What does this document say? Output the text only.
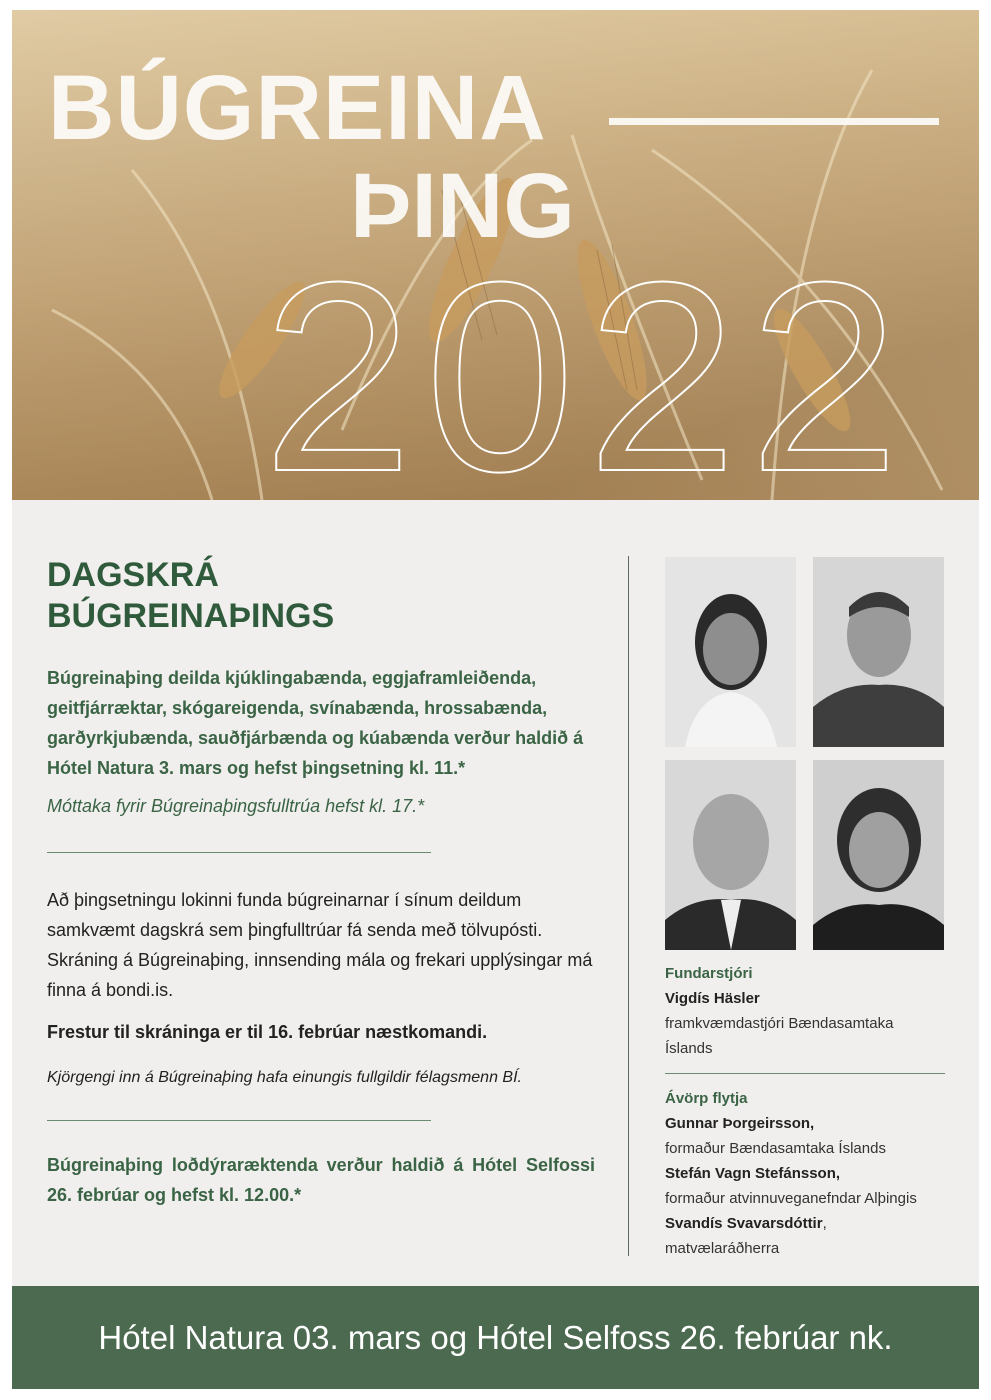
BÚGREINA
ÞING
2022
DAGSKRÁ
BÚGREINAÞINGS

Búgreinaþing deilda kjúklingabænda, eggjaframleiðenda, geitfjárræktar, skógareigenda, svínabænda, hrossabænda, garðyrkjubænda, sauðfjárbænda og kúabænda verður haldið á Hótel Natura 3. mars og hefst þingsetning kl. 11.*

Móttaka fyrir Búgreinaþingsfulltrúa hefst kl. 17.*

Að þingsetningu lokinni funda búgreinarnar í sínum deildum samkvæmt dagskrá sem þingfulltrúar fá senda með tölvupósti. Skráning á Búgreinaþing, innsending mála og frekari upplýsingar má finna á bondi.is.

Frestur til skráninga er til 16. febrúar næstkomandi.

Kjörgengi inn á Búgreinaþing hafa einungis fullgildir félagsmenn BÍ.

Búgreinaþing loðdýraræktenda verður haldið á Hótel Selfossi 26. febrúar og hefst kl. 12.00.*

Fundarstjóri
Vigdís Häsler
framkvæmdastjóri Bændasamtaka
Íslands

Ávörp flytja
Gunnar Þorgeirsson,
formaður Bændasamtaka Íslands
Stefán Vagn Stefánsson,
formaður atvinnuveganefndar Alþingis
Svandís Svavarsdóttir,
matvælaráðherra

Hótel Natura 03. mars og Hótel Selfoss 26. febrúar nk.
